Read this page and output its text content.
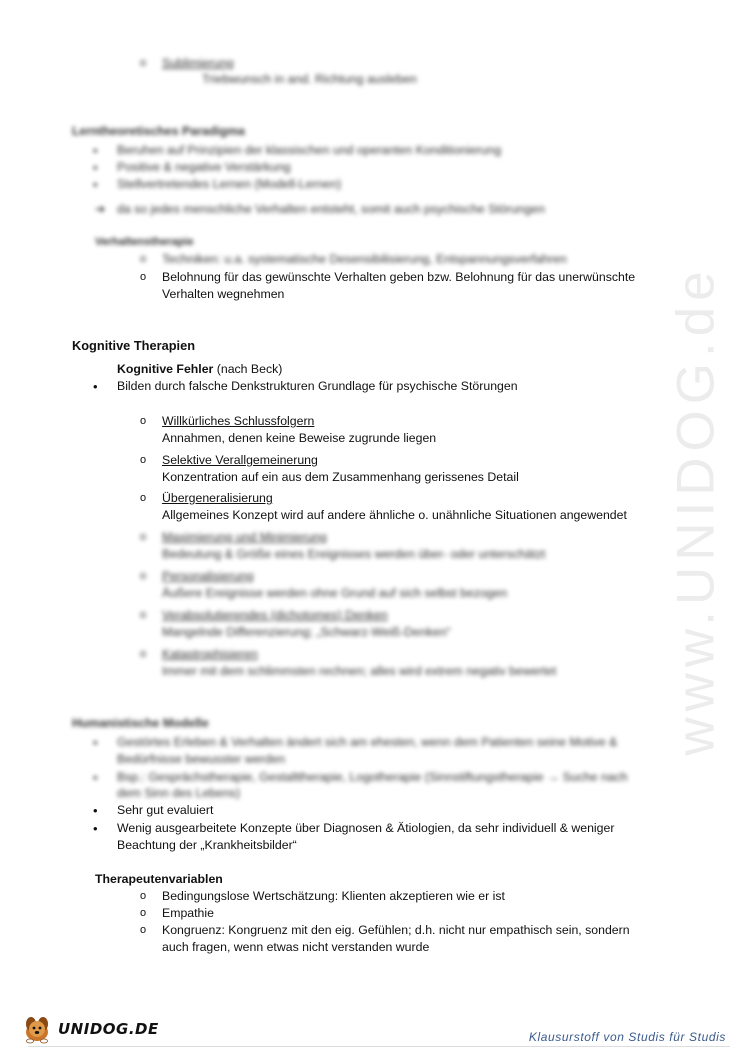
www.UNIDOG.de
o Sublimierung
Triebwunsch in and. Richtung ausleben
Lerntheoretisches Paradigma
• Beruhen auf Prinzipien der klassischen und operanten Konditionierung
• Positive & negative Verstärkung
• Stellvertretendes Lernen (Modell-Lernen)
➔ da so jedes menschliche Verhalten entsteht, somit auch psychische Störungen
Verhaltenstherapie
o Techniken: u.a. systematische Desensibilisierung, Entspannungsverfahren
o Belohnung für das gewünschte Verhalten geben bzw. Belohnung für das unerwünschte
Verhalten wegnehmen
Kognitive Therapien
Kognitive Fehler (nach Beck)
• Bilden durch falsche Denkstrukturen Grundlage für psychische Störungen
o Willkürliches Schlussfolgern
Annahmen, denen keine Beweise zugrunde liegen
o Selektive Verallgemeinerung
Konzentration auf ein aus dem Zusammenhang gerissenes Detail
o Übergeneralisierung
Allgemeines Konzept wird auf andere ähnliche o. unähnliche Situationen angewendet
o Maximierung und Minimierung
Bedeutung & Größe eines Ereignisses werden über- oder unterschätzt
o Personalisierung
Äußere Ereignisse werden ohne Grund auf sich selbst bezogen
o Verabsolutierendes (dichotomes) Denken
Mangelnde Differenzierung; „Schwarz-Weiß-Denken“
o Katastrophisieren
Immer mit dem schlimmsten rechnen; alles wird extrem negativ bewertet
Humanistische Modelle
• Gestörtes Erleben & Verhalten ändert sich am ehesten, wenn dem Patienten seine Motive &
Bedürfnisse bewusster werden
• Bsp.: Gesprächstherapie, Gestalttherapie, Logotherapie (Sinnstiftungstherapie → Suche nach
dem Sinn des Lebens)
• Sehr gut evaluiert
• Wenig ausgearbeitete Konzepte über Diagnosen & Ätiologien, da sehr individuell & weniger
Beachtung der „Krankheitsbilder“
Therapeutenvariablen
o Bedingungslose Wertschätzung: Klienten akzeptieren wie er ist
o Empathie
o Kongruenz: Kongruenz mit den eig. Gefühlen; d.h. nicht nur empathisch sein, sondern
auch fragen, wenn etwas nicht verstanden wurde
UNIDOG.DE	Klausurstoff von Studis für Studis
